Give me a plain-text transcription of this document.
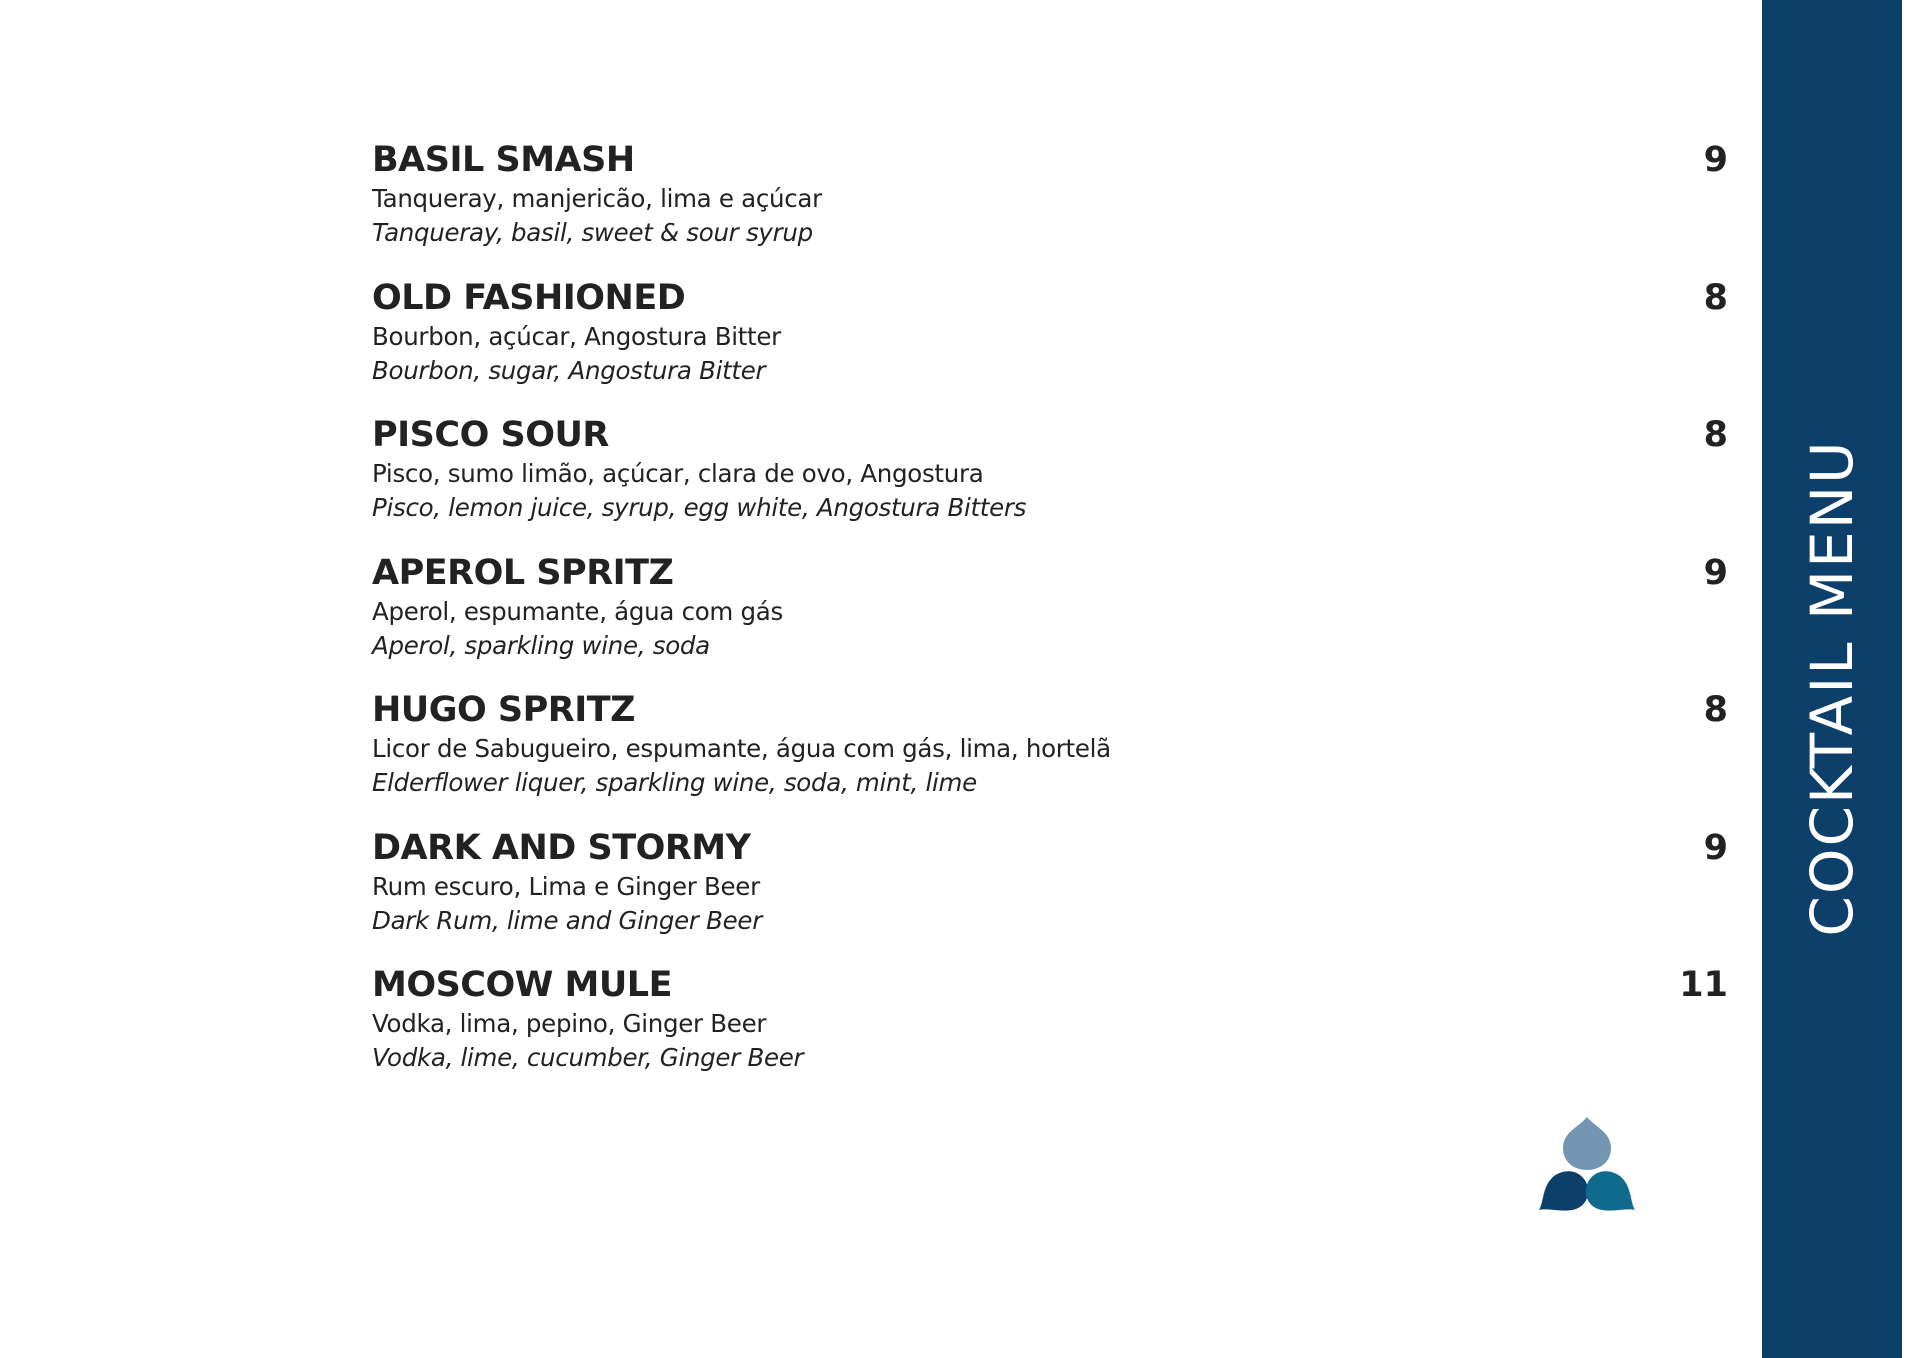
BASIL SMASH	9
Tanqueray, manjericão, lima e açúcar
Tanqueray, basil, sweet & sour syrup
OLD FASHIONED	8
Bourbon, açúcar, Angostura Bitter
Bourbon, sugar, Angostura Bitter
PISCO SOUR	8
Pisco, sumo limão, açúcar, clara de ovo, Angostura
Pisco, lemon juice, syrup, egg white, Angostura Bitters
APEROL SPRITZ	9
Aperol, espumante, água com gás
Aperol, sparkling wine, soda
HUGO SPRITZ	8
Licor de Sabugueiro, espumante, água com gás, lima, hortelã
Elderflower liquer, sparkling wine, soda, mint, lime
DARK AND STORMY	9
Rum escuro, Lima e Ginger Beer
Dark Rum, lime and Ginger Beer
MOSCOW MULE	11
Vodka, lima, pepino, Ginger Beer
Vodka, lime, cucumber, Ginger Beer
COCKTAIL MENU
